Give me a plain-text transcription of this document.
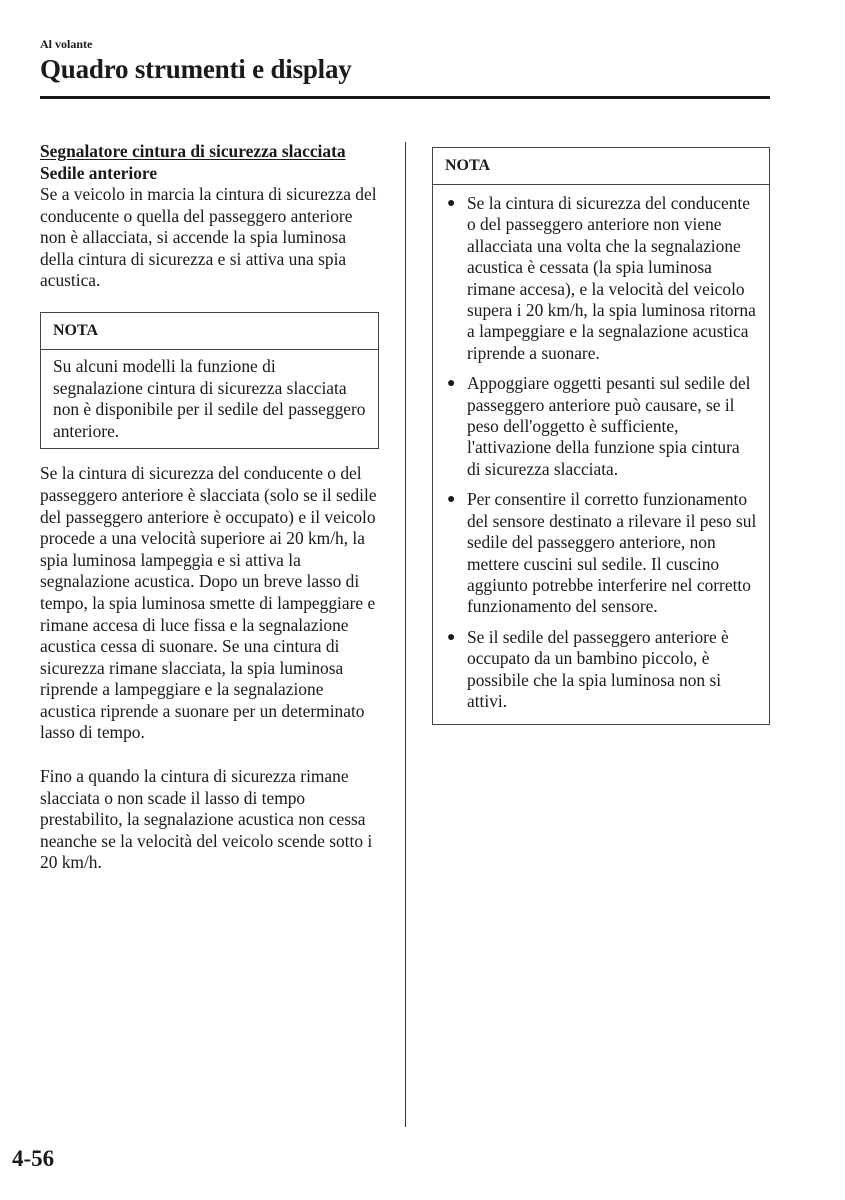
Al volante
Quadro strumenti e display

Segnalatore cintura di sicurezza slacciata

Sedile anteriore

Se a veicolo in marcia la cintura di sicurezza del conducente o quella del passeggero anteriore non è allacciata, si accende la spia luminosa della cintura di sicurezza e si attiva una spia acustica.

NOTA
Su alcuni modelli la funzione di segnalazione cintura di sicurezza slacciata non è disponibile per il sedile del passeggero anteriore.

Se la cintura di sicurezza del conducente o del passeggero anteriore è slacciata (solo se il sedile del passeggero anteriore è occupato) e il veicolo procede a una velocità superiore ai 20 km/h, la spia luminosa lampeggia e si attiva la segnalazione acustica. Dopo un breve lasso di tempo, la spia luminosa smette di lampeggiare e rimane accesa di luce fissa e la segnalazione acustica cessa di suonare. Se una cintura di sicurezza rimane slacciata, la spia luminosa riprende a lampeggiare e la segnalazione acustica riprende a suonare per un determinato lasso di tempo.

Fino a quando la cintura di sicurezza rimane slacciata o non scade il lasso di tempo prestabilito, la segnalazione acustica non cessa neanche se la velocità del veicolo scende sotto i 20 km/h.

NOTA
● Se la cintura di sicurezza del conducente o del passeggero anteriore non viene allacciata una volta che la segnalazione acustica è cessata (la spia luminosa rimane accesa), e la velocità del veicolo supera i 20 km/h, la spia luminosa ritorna a lampeggiare e la segnalazione acustica riprende a suonare.
● Appoggiare oggetti pesanti sul sedile del passeggero anteriore può causare, se il peso dell'oggetto è sufficiente, l'attivazione della funzione spia cintura di sicurezza slacciata.
● Per consentire il corretto funzionamento del sensore destinato a rilevare il peso sul sedile del passeggero anteriore, non mettere cuscini sul sedile. Il cuscino aggiunto potrebbe interferire nel corretto funzionamento del sensore.
● Se il sedile del passeggero anteriore è occupato da un bambino piccolo, è possibile che la spia luminosa non si attivi.
4-56
